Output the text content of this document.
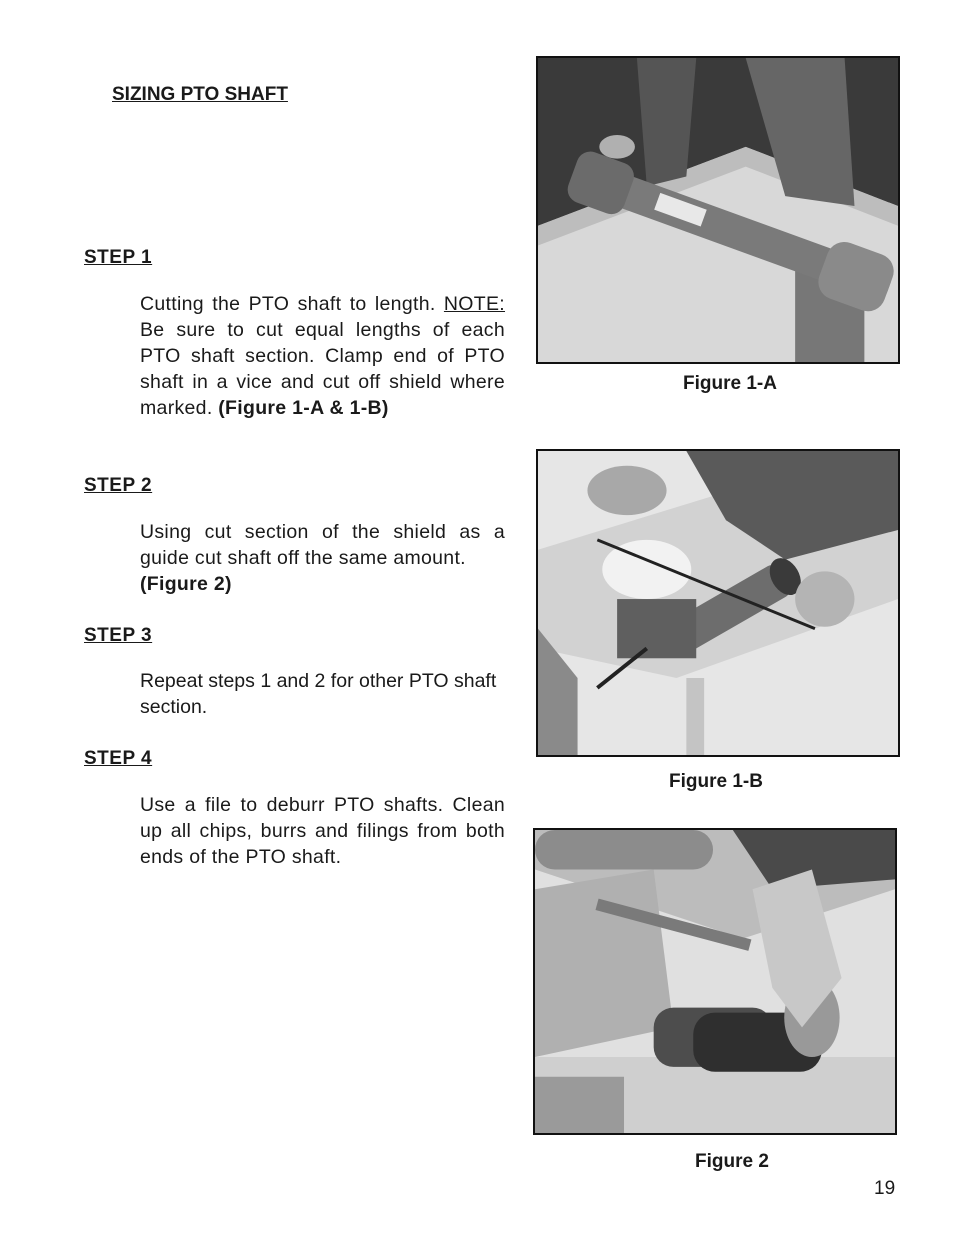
SIZING PTO SHAFT
STEP 1
Cutting the PTO shaft to length. NOTE: Be sure to cut equal lengths of each PTO shaft section. Clamp end of PTO shaft in a vice and cut off shield where marked. (Figure 1-A & 1-B)
STEP 2
Using cut section of the shield as a guide cut shaft off the same amount.
(Figure 2)
STEP 3
Repeat steps 1 and 2 for other PTO shaft section.
STEP 4
Use a file to deburr PTO shafts. Clean up all chips, burrs and filings from both ends of the PTO shaft.
Figure 1-A
Figure 1-B
Figure 2
19
